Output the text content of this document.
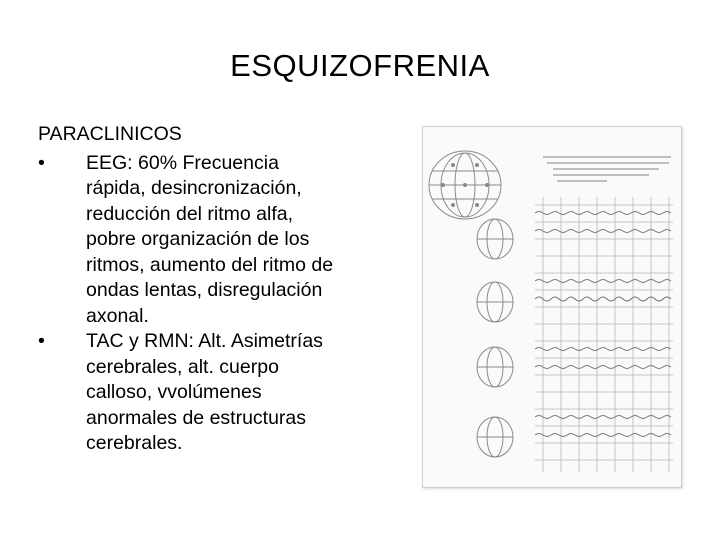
ESQUIZOFRENIA
PARACLINICOS
•	EEG: 60% Frecuencia
rápida, desincronización,
reducción del ritmo alfa,
pobre organización de los
ritmos, aumento del ritmo de
ondas lentas, disregulación
axonal.
•	TAC y RMN: Alt. Asimetrías
cerebrales, alt. cuerpo
calloso, vvolúmenes
anormales de estructuras
cerebrales.
